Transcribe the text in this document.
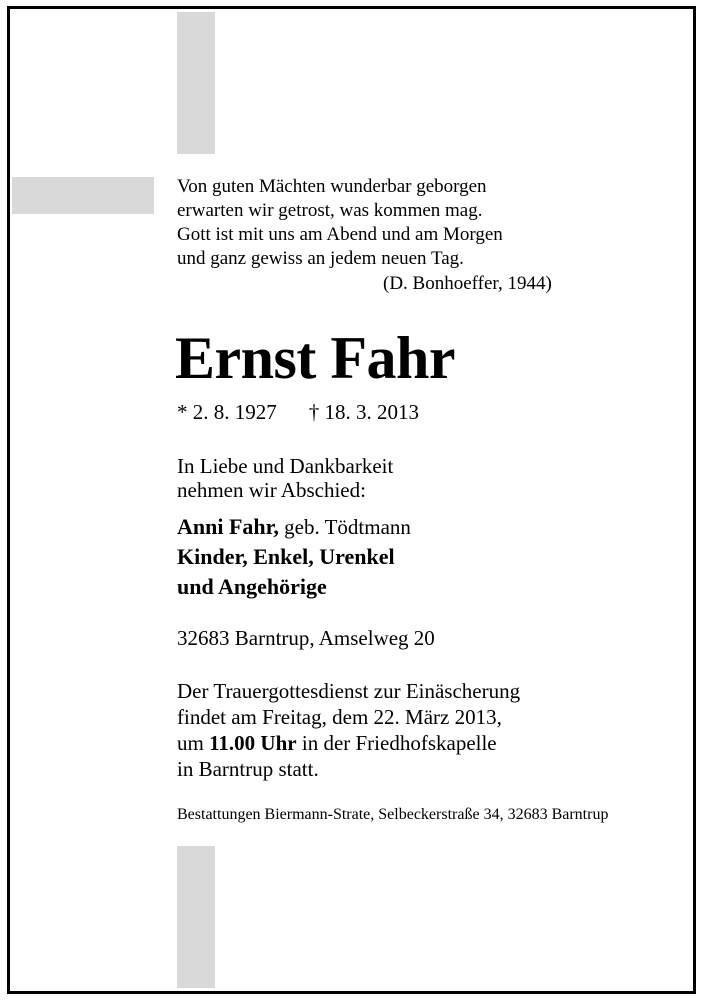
Von guten Mächten wunderbar geborgen
erwarten wir getrost, was kommen mag.
Gott ist mit uns am Abend und am Morgen
und ganz gewiss an jedem neuen Tag.
(D. Bonhoeffer, 1944)
Ernst Fahr
* 2. 8. 1927 † 18. 3. 2013
In Liebe und Dankbarkeit
nehmen wir Abschied:
Anni Fahr, geb. Tödtmann
Kinder, Enkel, Urenkel
und Angehörige
32683 Barntrup, Amselweg 20
Der Trauergottesdienst zur Einäscherung
findet am Freitag, dem 22. März 2013,
um 11.00 Uhr in der Friedhofskapelle
in Barntrup statt.
Bestattungen Biermann-Strate, Selbeckerstraße 34, 32683 Barntrup
